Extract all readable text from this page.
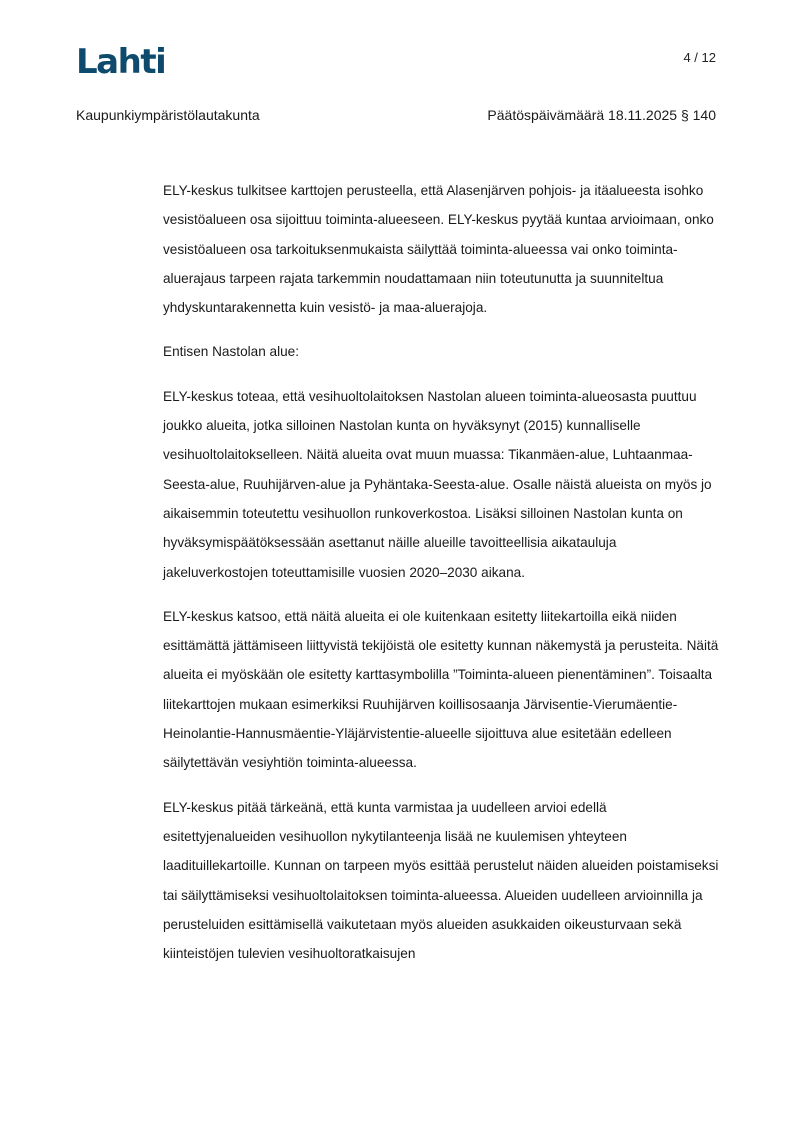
Lahti	4 / 12
Kaupunkiympäristölautakunta	Päätöspäivämäärä 18.11.2025 § 140

ELY-keskus tulkitsee karttojen perusteella, että Alasenjärven pohjois- ja itäalueesta isohko vesistöalueen osa sijoittuu toiminta-alueeseen. ELY-keskus pyytää kuntaa arvioimaan, onko vesistöalueen osa tarkoituksenmukaista säilyttää toiminta-alueessa vai onko toiminta-aluerajaus tarpeen rajata tarkemmin noudattamaan niin toteutunutta ja suunniteltua yhdyskuntarakennetta kuin vesistö- ja maa-aluerajoja.

Entisen Nastolan alue:

ELY-keskus toteaa, että vesihuoltolaitoksen Nastolan alueen toiminta-alueosasta puuttuu joukko alueita, jotka silloinen Nastolan kunta on hyväksynyt (2015) kunnalliselle vesihuoltolaitokselleen. Näitä alueita ovat muun muassa: Tikanmäen-alue, Luhtaanmaa-Seesta-alue, Ruuhijärven-alue ja Pyhäntaka-Seesta-alue. Osalle näistä alueista on myös jo aikaisemmin toteutettu vesihuollon runkoverkostoa. Lisäksi silloinen Nastolan kunta on hyväksymispäätöksessään asettanut näille alueille tavoitteellisia aikatauluja jakeluverkostojen toteuttamisille vuosien 2020–2030 aikana.

ELY-keskus katsoo, että näitä alueita ei ole kuitenkaan esitetty liitekartoilla eikä niiden esittämättä jättämiseen liittyvistä tekijöistä ole esitetty kunnan näkemystä ja perusteita. Näitä alueita ei myöskään ole esitetty karttasymbolilla ”Toiminta-alueen pienentäminen”. Toisaalta liitekarttojen mukaan esimerkiksi Ruuhijärven koillisosaanja Järvisentie-Vierumäentie-Heinolantie-Hannusmäentie-Yläjärvistentie-alueelle sijoittuva alue esitetään edelleen säilytettävän vesiyhtiön toiminta-alueessa.

ELY-keskus pitää tärkeänä, että kunta varmistaa ja uudelleen arvioi edellä esitettyjenalueiden vesihuollon nykytilanteenja lisää ne kuulemisen yhteyteen laadituillekartoille. Kunnan on tarpeen myös esittää perustelut näiden alueiden poistamiseksi tai säilyttämiseksi vesihuoltolaitoksen toiminta-alueessa. Alueiden uudelleen arvioinnilla ja perusteluiden esittämisellä vaikutetaan myös alueiden asukkaiden oikeusturvaan sekä kiinteistöjen tulevien vesihuoltoratkaisujen
